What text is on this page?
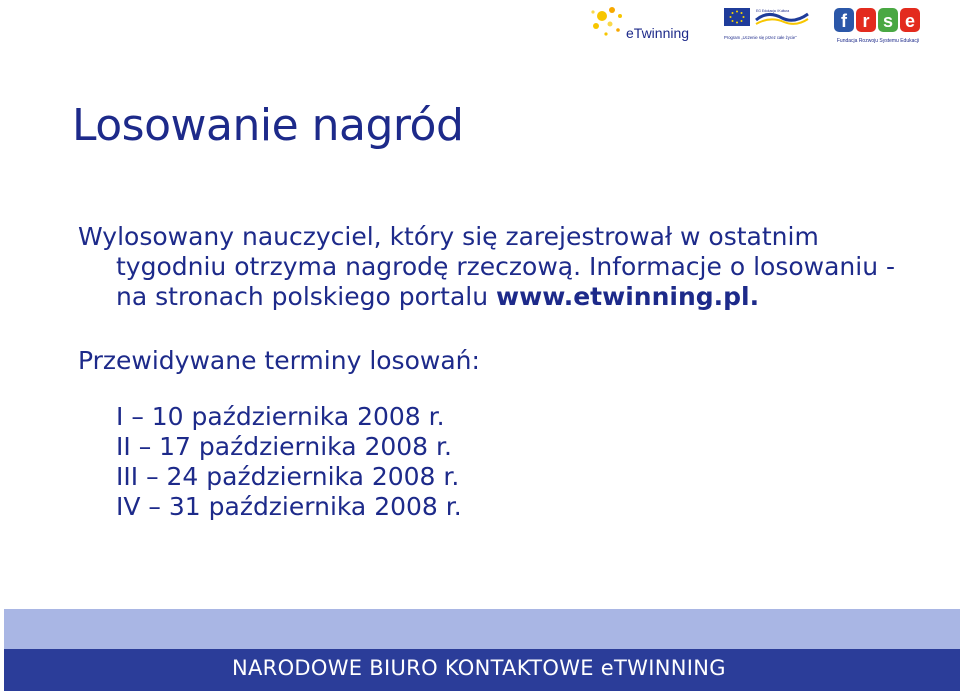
eTwinning
EG Edukacja i Kultura
Program „Uczenie się przez całe życie”
f r s e
Fundacja Rozwoju Systemu Edukacji
Losowanie nagród

Wylosowany nauczyciel, który się zarejestrował w ostatnim tygodniu otrzyma nagrodę rzeczową. Informacje o losowaniu - na stronach polskiego portalu www.etwinning.pl.

Przewidywane terminy losowań:

I – 10 października 2008 r.
II – 17 października 2008 r.
III – 24 października 2008 r.
IV – 31 października 2008 r.
NARODOWE BIURO KONTAKTOWE eTWINNING
